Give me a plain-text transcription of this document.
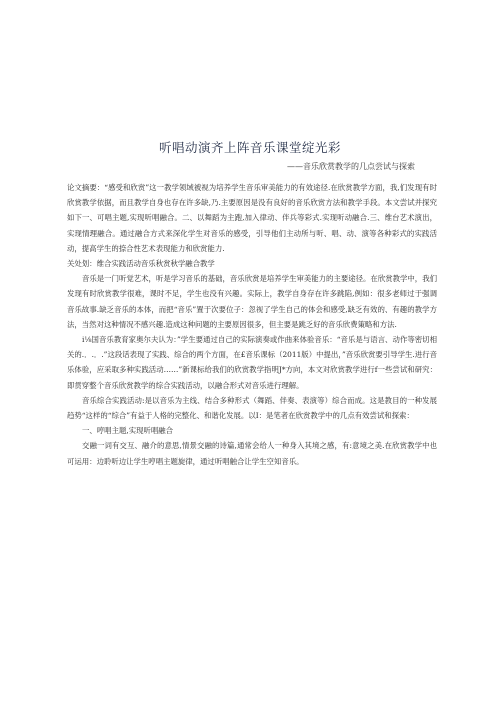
听唱动演齐上阵音乐课堂绽光彩
——音乐欣赏教学的几点尝试与探索

论文摘要：“感受和欣赏”这一教学领域被视为培养学生音乐审美能力的有效途径.在欣赏教学方面，我,们发现有时欣赏教学依据，而且教学自身也存在许多缺,乃.主要原因是没有良好的音乐欣赏方法和教学手段。本文尝试并探究如下一、可唱主题,实现听唱融合。二、以舞蹈为主跑,加入律动、伴兵等彩式.实现听动融合.三、维台艺术演出，实现情理融合。通过融合方式来深化学生对音乐的感受，引导他们主动所与听、唱、动、演等各种彩式的实践活动，提高学生的捺合性艺术表现能力和欣赏能力.

关处划：维合实践活动音乐秋赏秋学融合教学

音乐是一门听觉艺术，听是学习音乐的基础，音乐欣赏是培养学生审美能力的主要途径。在欣赏教学中，我们发现有时欣赏教学很难，课时不足，学生也没有兴趣。实际上，教学自身存在许多跳陷,例如：很多老师过于强调音乐故事.缺乏音乐的本体，而把“音乐”置于次要位子：忽视了学生自己的体会和感受,缺乏有效的、有趣的教学方法，当然对这种情况不感兴趣.造成这种问题的主要原因很多，但主要是跳乏好的音乐欣费策略和方法.

i⅛国音乐教育家奥尔夫认为：”学生要通过自己的实际演奏或作曲来体验音乐：“音乐是与语言、动作等密切相关的.．.．.”这段话表现了实践、综合的两个方面，在£音乐课标（2011版）中提出，”音乐欣赏要引导学生.进行音乐体验，应采取多种实践活动……”新课标给我们的欣赏教学指明J*方向，本文对欣赏教学进行f一些尝试和研究：即贯穿整个音乐欣赏教学的综合实践活动，以融合形式对音乐进行理解。

音乐综合实践活动:是以音乐为主线、结合多种形式（舞蹈、伴奏、表演等）综合而成。这是教目的一种发展趋势“这样的“综合”有益于人格的完整化、和谐化发展。以I：是笔者在欣赏教学中的几点有效尝试和探索：

一、哼唱主题,实现听唱融合

交融一词有交互、融介的意思,情景交融的诗篇,通常会给人一种身入其境之感，有:意境之美.在欣赏教学中也可运用：边聆听边让学生哼唱主题旋律，通过听唱触合让学生空知音乐。
